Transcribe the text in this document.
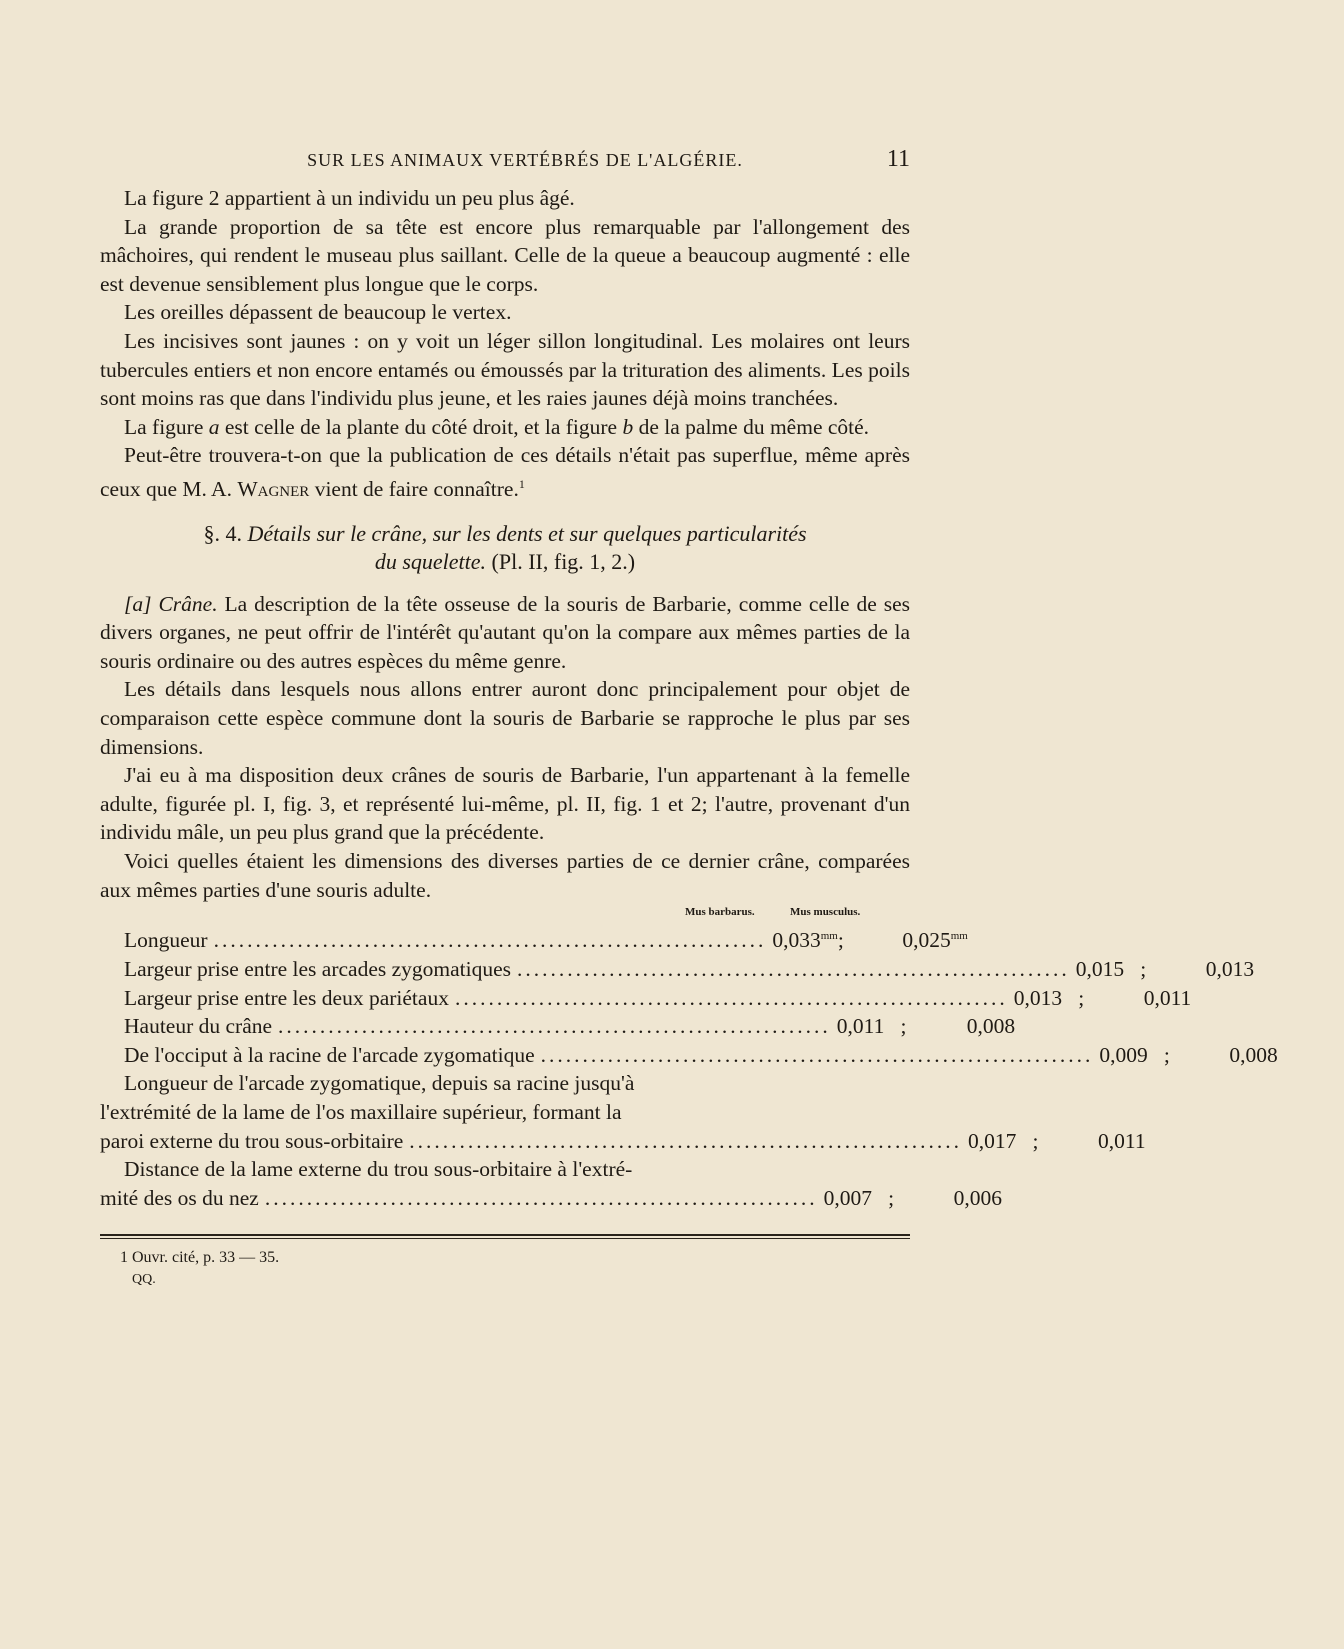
SUR LES ANIMAUX VERTÉBRÉS DE L'ALGÉRIE.	11

La figure 2 appartient à un individu un peu plus âgé.

La grande proportion de sa tête est encore plus remarquable par l'allongement des mâchoires, qui rendent le museau plus saillant. Celle de la queue a beaucoup augmenté : elle est devenue sensiblement plus longue que le corps.

Les oreilles dépassent de beaucoup le vertex.

Les incisives sont jaunes : on y voit un léger sillon longitudinal. Les molaires ont leurs tubercules entiers et non encore entamés ou émoussés par la trituration des aliments. Les poils sont moins ras que dans l'individu plus jeune, et les raies jaunes déjà moins tranchées.

La figure a est celle de la plante du côté droit, et la figure b de la palme du même côté.

Peut-être trouvera-t-on que la publication de ces détails n'était pas superflue, même après ceux que M. A. Wagner vient de faire connaître.$^1$

§. 4. Détails sur le crâne, sur les dents et sur quelques particularités
du squelette. (Pl. II, fig. 1, 2.)

[a] Crâne. La description de la tête osseuse de la souris de Barbarie, comme celle de ses divers organes, ne peut offrir de l'intérêt qu'autant qu'on la compare aux mêmes parties de la souris ordinaire ou des autres espèces du même genre.

Les détails dans lesquels nous allons entrer auront donc principalement pour objet de comparaison cette espèce commune dont la souris de Barbarie se rapproche le plus par ses dimensions.

J'ai eu à ma disposition deux crânes de souris de Barbarie, l'un appartenant à la femelle adulte, figurée pl. I, fig. 3, et représenté lui-même, pl. II, fig. 1 et 2; l'autre, provenant d'un individu mâle, un peu plus grand que la précédente.

Voici quelles étaient les dimensions des diverses parties de ce dernier crâne, comparées aux mêmes parties d'une souris adulte.

Mus barbarus.	Mus musculus.
Longueur .................................................................. $0,033^{mm}$;	$0,025^{mm}$
Largeur prise entre les arcades zygomatiques .................................................................. 0,015 ;	0,013
Largeur prise entre les deux pariétaux .................................................................. 0,013 ;	0,011
Hauteur du crâne .................................................................. 0,011 ;	0,008
De l'occiput à la racine de l'arcade zygomatique .................................................................. 0,009 ;	0,008
Longueur de l'arcade zygomatique, depuis sa racine jusqu'à
l'extrémité de la lame de l'os maxillaire supérieur, formant la
paroi externe du trou sous-orbitaire .................................................................. 0,017 ;	0,011
Distance de la lame externe du trou sous-orbitaire à l'extré-
mité des os du nez .................................................................. 0,007 ;	0,006
1 Ouvr. cité, p. 33 — 35.
QQ.
